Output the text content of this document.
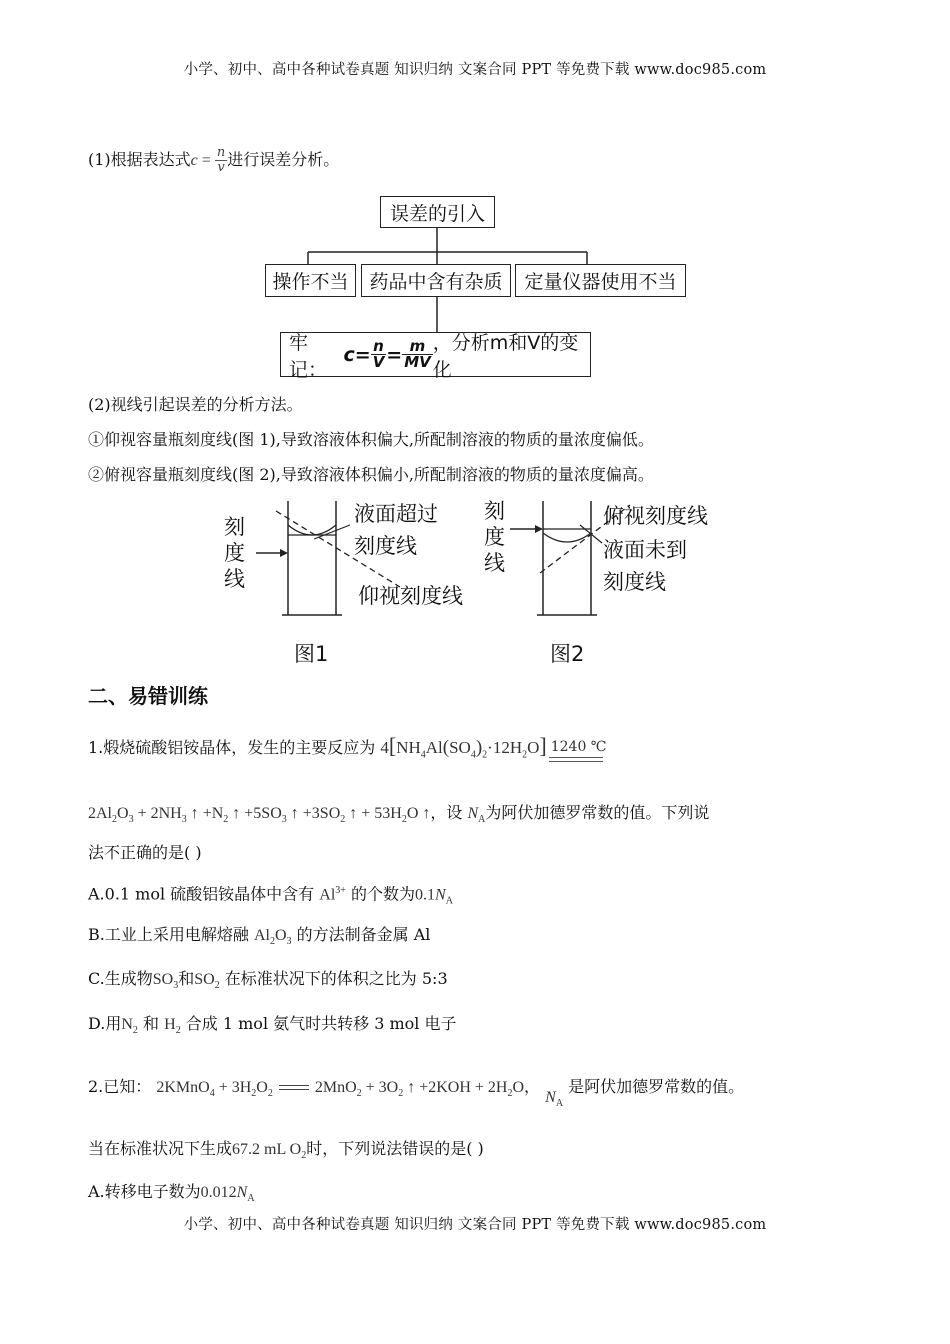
小学、初中、高中各种试卷真题 知识归纳 文案合同 PPT 等免费下载 www.doc985.com
小学、初中、高中各种试卷真题 知识归纳 文案合同 PPT 等免费下载 www.doc985.com
(1)根据表达式$c = \frac{n}{v}$ 进行误差分析。
误差的引入
操作不当 药品中含有杂质 定量仪器使用不当
牢记：
$c= \frac{n}{V} = \frac{m}{MV}$ ，分析m和V的变化
(2)视线引起误差的分析方法。
①仰视容量瓶刻度线(图 1),导致溶液体积偏大,所配制溶液的物质的量浓度偏低。
②俯视容量瓶刻度线(图 2),导致溶液体积偏小,所配制溶液的物质的量浓度偏高。
刻
度
线
液面超过
刻度线
仰视刻度线
图1
刻
度
线
俯视刻度线
液面未到
刻度线
图2
二、易错训练
1.煅烧硫酸铝铵晶体，发生的主要反应为 $4[NH_4Al(SO_4)_2\cdot 12H_2O]$ 1240 ℃
$2Al_2O_3 + 2NH_3$ ↑ $+N_2$ ↑ $+5SO_3$ ↑ $+3SO_2$ ↑ + $53H_2O$ ↑，设 $N_A$为阿伏加德罗常数的值。下列说
法不正确的是( )
A.0.1 mol 硫酸铝铵晶体中含有 $Al^{3+}$ 的个数为$0.1N_A$
B.工业上采用电解熔融 $Al_2O_3$ 的方法制备金属 Al
C.生成物$SO_3$和$SO_2$ 在标准状况下的体积之比为 5:3
D.用$N_2$ 和 $H_2$ 合成 1 mol 氨气时共转移 3 mol 电子
2.已知： 2KMnO$_4$ + $3H_2O_2$  $2MnO_2 + 3O_2$ ↑ $+2KOH + 2H_2O$， $N_A$ 是阿伏加德罗常数的值。
当在标准状况下生成67.2 mL $O_2$时，下列说法错误的是( )
A.转移电子数为$0.012N_A$
